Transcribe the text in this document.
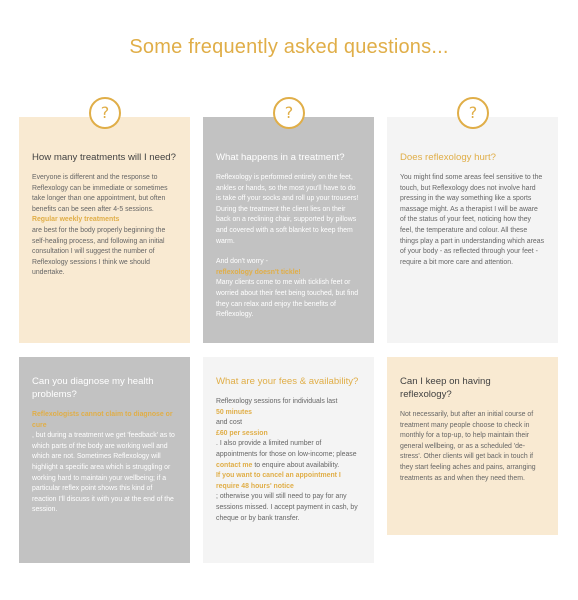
Some frequently asked questions...
How many treatments will I need?

Everyone is different and the response to Reflexology can be immediate or sometimes take longer than one appointment, but often benefits can be seen after 4-5 sessions.

Regular weekly treatments

are best for the body properly beginning the self-healing process, and following an initial consultation I will suggest the number of Reflexology sessions I think we should undertake.

What happens in a treatment?

Reflexology is performed entirely on the feet, ankles or hands, so the most you'll have to do is take off your socks and roll up your trousers! During the treatment the client lies on their back on a reclining chair, supported by pillows and covered with a soft blanket to keep them warm.

And don't worry -

reflexology doesn't tickle!

Many clients come to me with ticklish feet or worried about their feet being touched, but find they can relax and enjoy the benefits of Reflexology.

Does reflexology hurt?

You might find some areas feel sensitive to the touch, but Reflexology does not involve hard pressing in the way something like a sports massage might. As a therapist I will be aware of the status of your feet, noticing how they feel, the temperature and colour. All these things play a part in understanding which areas of your body - as reflected through your feet - require a bit more care and attention.

?	?	?
Can you diagnose my health problems?
Reflexologists cannot claim to diagnose or cure

, but during a treatment we get 'feedback' as to which parts of the body are working well and which are not. Sometimes Reflexology will highlight a specific area which is struggling or working hard to maintain your wellbeing; if a particular reflex point shows this kind of reaction I'll discuss it with you at the end of the session.

What are your fees & availability?

Reflexology sessions for individuals last

50 minutes

and cost

£60 per session

. I also provide a limited number of appointments for those on low-income; please contact me to enquire about availability.

If you want to cancel an appointment I require 48 hours' notice

; otherwise you will still need to pay for any sessions missed. I accept payment in cash, by cheque or by bank transfer.

Can I keep on having reflexology?

Not necessarily, but after an initial course of treatment many people choose to check in monthly for a top-up, to help maintain their general wellbeing, or as a scheduled 'de-stress'. Other clients will get back in touch if they start feeling aches and pains, arranging treatments as and when they need them.
